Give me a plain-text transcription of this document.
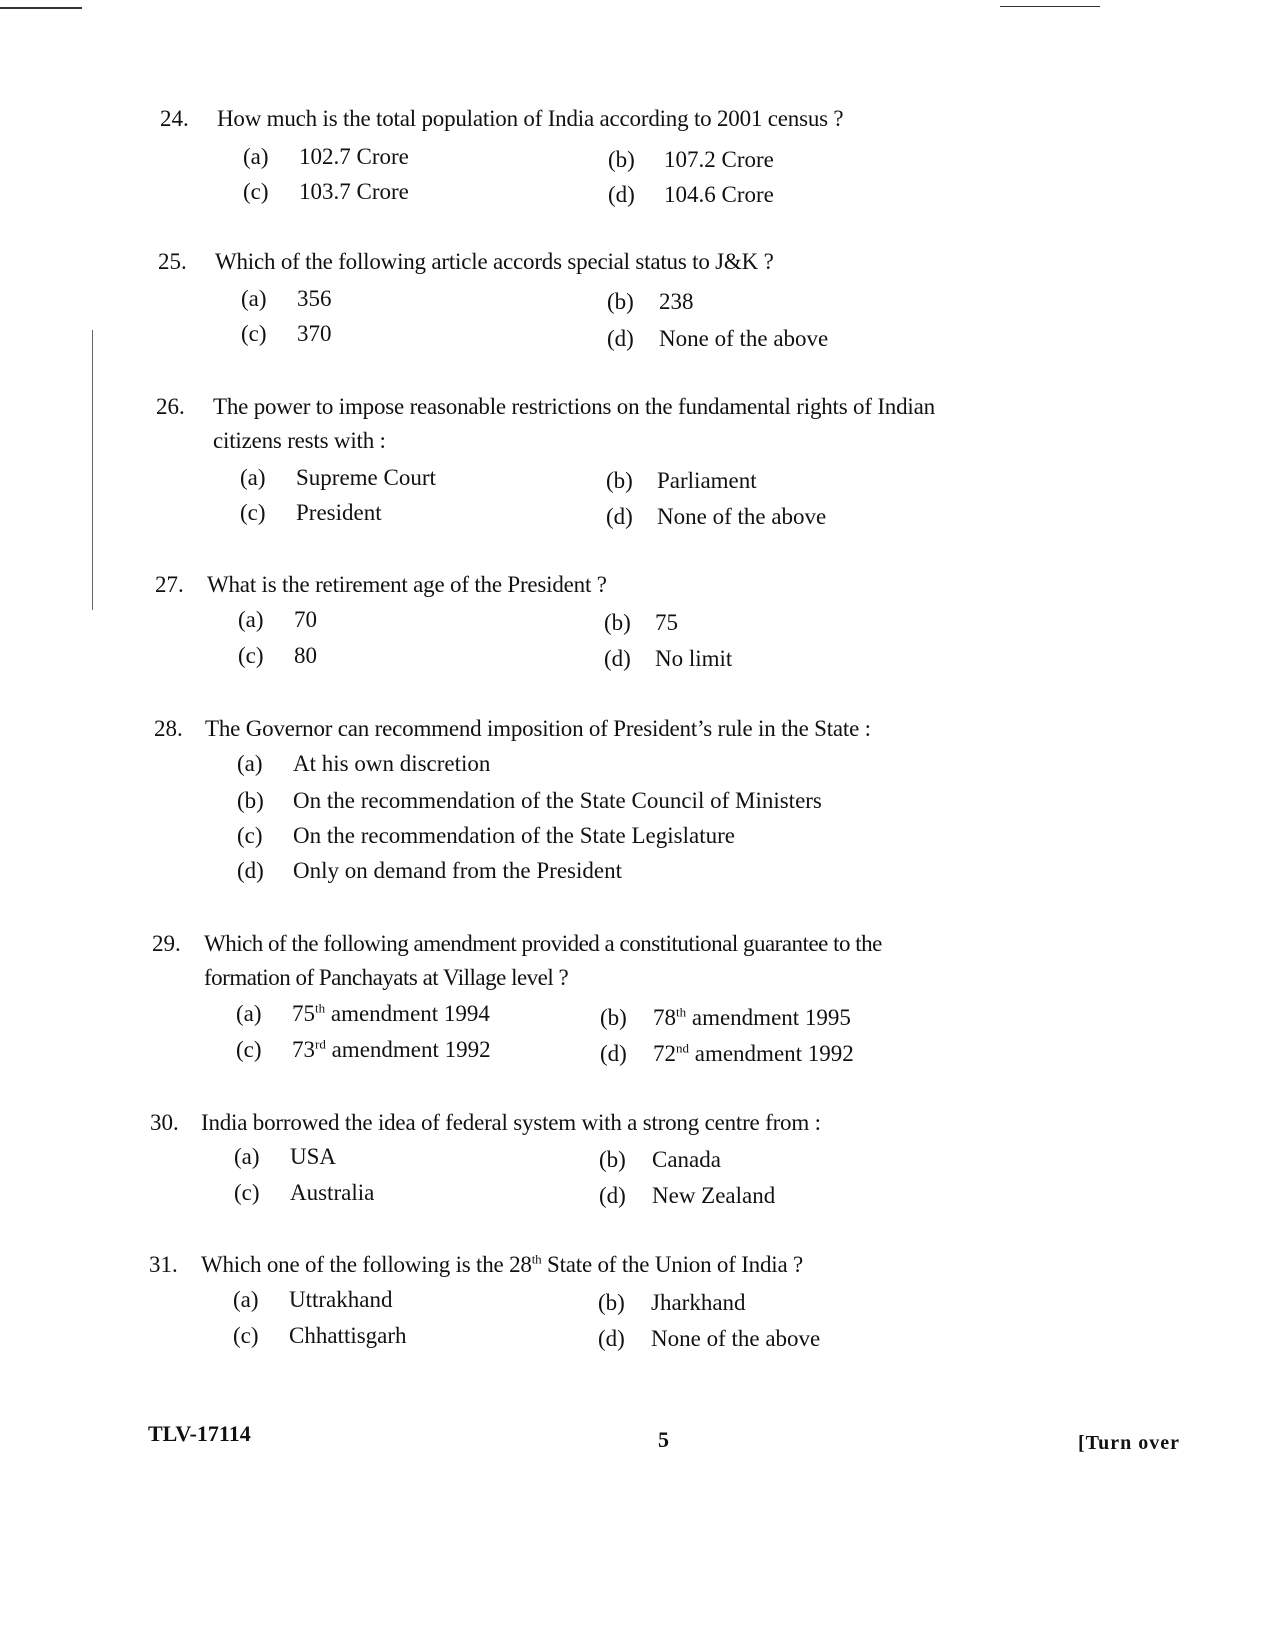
24.	How much is the total population of India according to 2001 census ?
(a) 102.7 Crore	(b) 107.2 Crore
(c) 103.7 Crore	(d) 104.6 Crore
25.	Which of the following article accords special status to J&K ?
(a) 356	(b) 238
(c) 370	(d) None of the above
26.	The power to impose reasonable restrictions on the fundamental rights of Indian citizens rests with :
(a) Supreme Court	(b) Parliament
(c) President	(d) None of the above
27.	What is the retirement age of the President ?
(a) 70	(b) 75
(c) 80	(d) No limit
28. The Governor can recommend imposition of President’s rule in the State :
(a) At his own discretion
(b) On the recommendation of the State Council of Ministers
(c) On the recommendation of the State Legislature
(d) Only on demand from the President
29.	Which of the following amendment provided a constitutional guarantee to the formation of Panchayats at Village level ?
(a) 75th amendment 1994	(b) 78th amendment 1995
(c) 73rd amendment 1992	(d) 72nd amendment 1992
30. India borrowed the idea of federal system with a strong centre from :
(a) USA	(b) Canada
(c) Australia	(d) New Zealand
31.	Which one of the following is the 28th State of the Union of India ?
(a) Uttrakhand	(b) Jharkhand
(c) Chhattisgarh	(d) None of the above
TLV-17114	5	[Turn over
